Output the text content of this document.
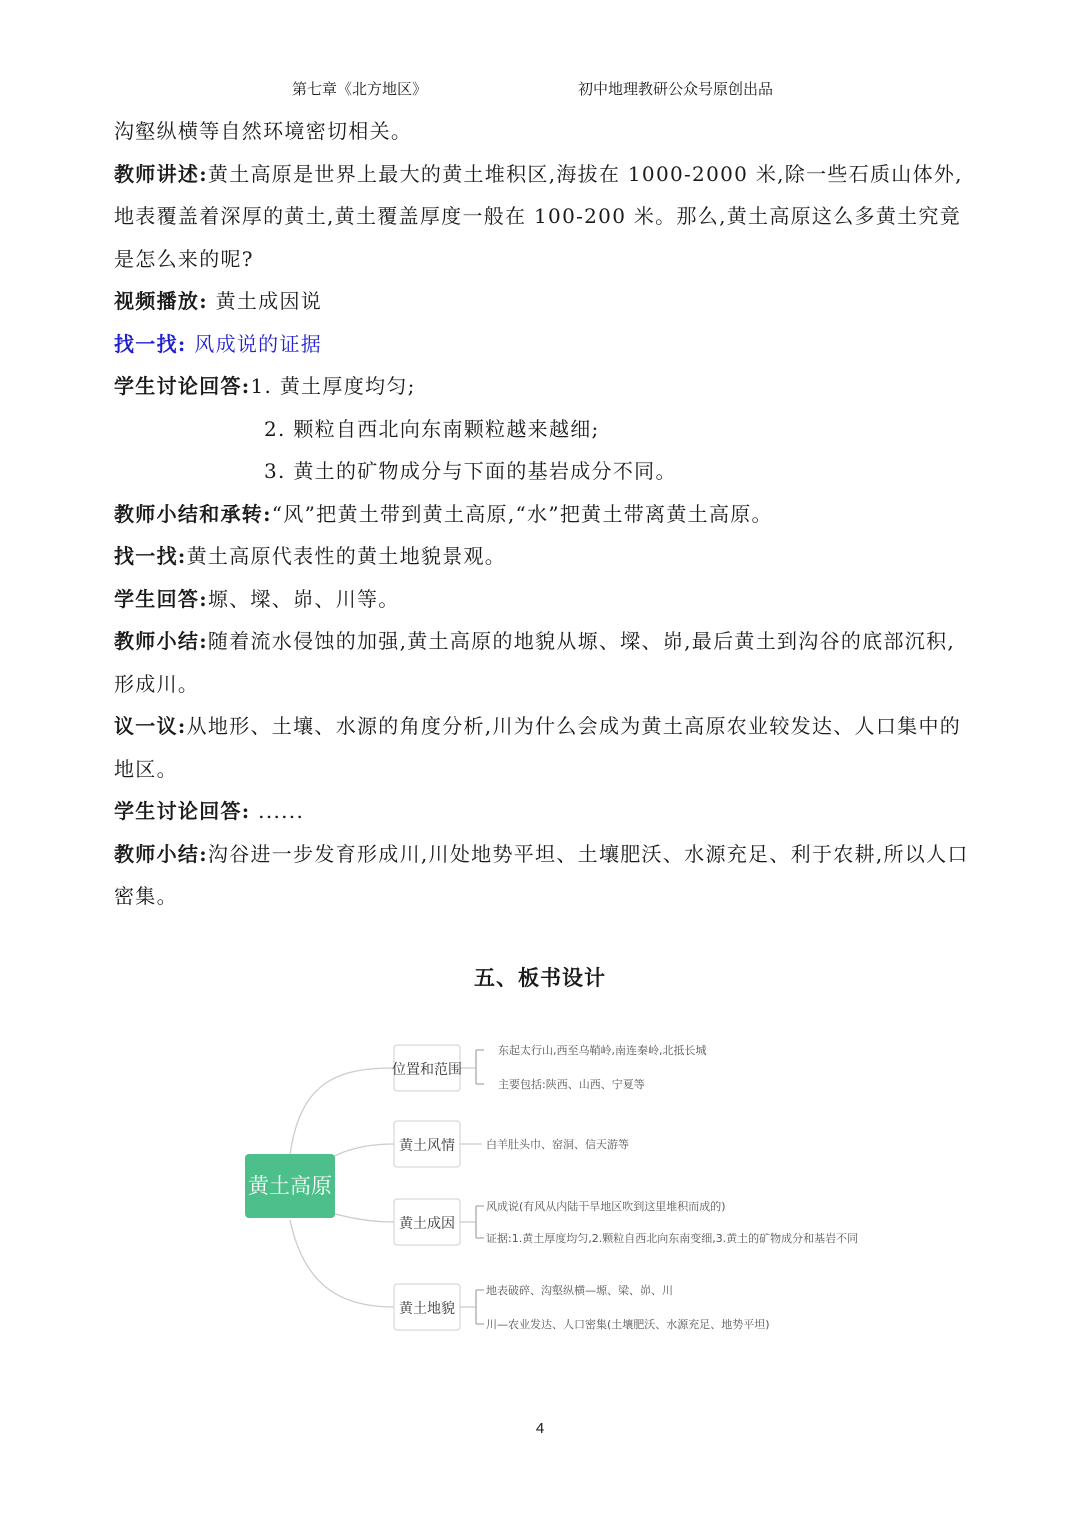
第七章《北方地区》	初中地理教研公众号原创出品

沟壑纵横等自然环境密切相关。

教师讲述:黄土高原是世界上最大的黄土堆积区,海拔在 1000-2000 米,除一些石质山体外,地表覆盖着深厚的黄土,黄土覆盖厚度一般在 100-200 米。那么,黄土高原这么多黄土究竟是怎么来的呢?

视频播放: 黄土成因说

找一找: 风成说的证据

学生讨论回答:1. 黄土厚度均匀;

2. 颗粒自西北向东南颗粒越来越细;

3. 黄土的矿物成分与下面的基岩成分不同。

教师小结和承转:“风”把黄土带到黄土高原,“水”把黄土带离黄土高原。

找一找:黄土高原代表性的黄土地貌景观。

学生回答:塬、墚、峁、川等。

教师小结:随着流水侵蚀的加强,黄土高原的地貌从塬、墚、峁,最后黄土到沟谷的底部沉积,形成川。

议一议:从地形、土壤、水源的角度分析,川为什么会成为黄土高原农业较发达、人口集中的地区。

学生讨论回答: ......

教师小结:沟谷进一步发育形成川,川处地势平坦、土壤肥沃、水源充足、利于农耕,所以人口密集。

五、板书设计
黄土高原
位置和范围
黄土风情
黄土成因
黄土地貌
东起太行山,西至乌鞘岭,南连秦岭,北抵长城
主要包括:陕西、山西、宁夏等
白羊肚头巾、窑洞、信天游等
风成说(有风从内陆干旱地区吹到这里堆积而成的)
证据:1.黄土厚度均匀,2.颗粒自西北向东南变细,3.黄土的矿物成分和基岩不同
地表破碎、沟壑纵横—塬、梁、峁、川
川—农业发达、人口密集(土壤肥沃、水源充足、地势平坦)
4
